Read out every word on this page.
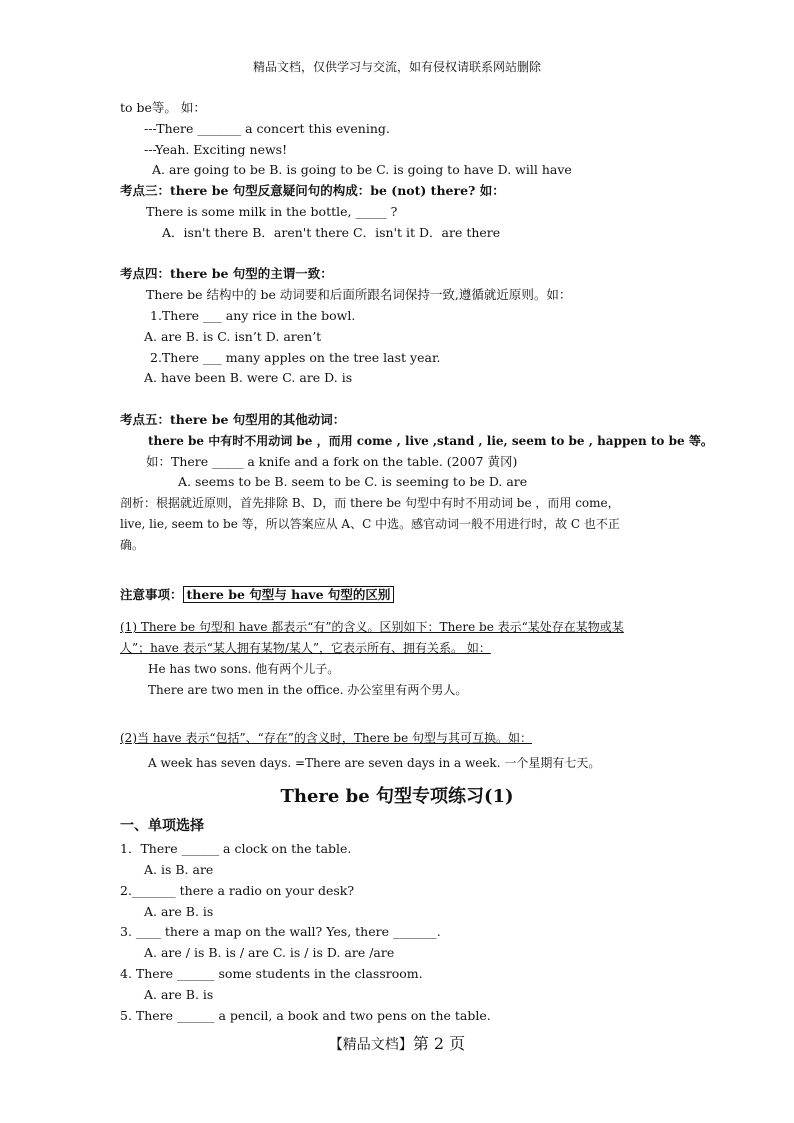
精品文档，仅供学习与交流，如有侵权请联系网站删除
to be等。 如：
---There _______ a concert this evening.
---Yeah. Exciting news!
A. are going to be B. is going to be C. is going to have D. will have
考点三：there be 句型反意疑问句的构成：be (not) there? 如：
There is some milk in the bottle, _____ ?
A．isn't there B．aren't there C．isn't it D．are there
考点四：there be 句型的主谓一致：
There be 结构中的 be 动词要和后面所跟名词保持一致,遵循就近原则。如：
1.There ___ any rice in the bowl.
A. are B. is C. isn’t D. aren’t
2.There ___ many apples on the tree last year.
A. have been B. were C. are D. is
考点五：there be 句型用的其他动词：
there be 中有时不用动词 be ，而用 come , live ,stand , lie, seem to be , happen to be 等。
如：There _____ a knife and a fork on the table. (2007 黄冈)
A. seems to be B. seem to be C. is seeming to be D. are
剖析：根据就近原则，首先排除 B、D，而 there be 句型中有时不用动词 be ，而用 come，
live, lie, seem to be 等，所以答案应从 A、C 中选。感官动词一般不用进行时，故 C 也不正
确。
注意事项： there be 句型与 have 句型的区别
(1) There be 句型和 have 都表示“有”的含义。区别如下：There be 表示“某处存在某物或某
人”；have 表示“某人拥有某物/某人”，它表示所有、拥有关系。 如：
He has two sons. 他有两个儿子。
There are two men in the office. 办公室里有两个男人。
(2)当 have 表示“包括”、“存在”的含义时，There be 句型与其可互换。如：
A week has seven days. =There are seven days in a week. 一个星期有七天。
There be 句型专项练习(1)
一、单项选择
1．There ______ a clock on the table.
A. is B. are
2._______ there a radio on your desk?
A. are B. is
3. ____ there a map on the wall? Yes, there _______.
A. are / is B. is / are C. is / is D. are /are
4. There ______ some students in the classroom.
A. are B. is
5. There ______ a pencil, a book and two pens on the table.
【精品文档】第 2 页
